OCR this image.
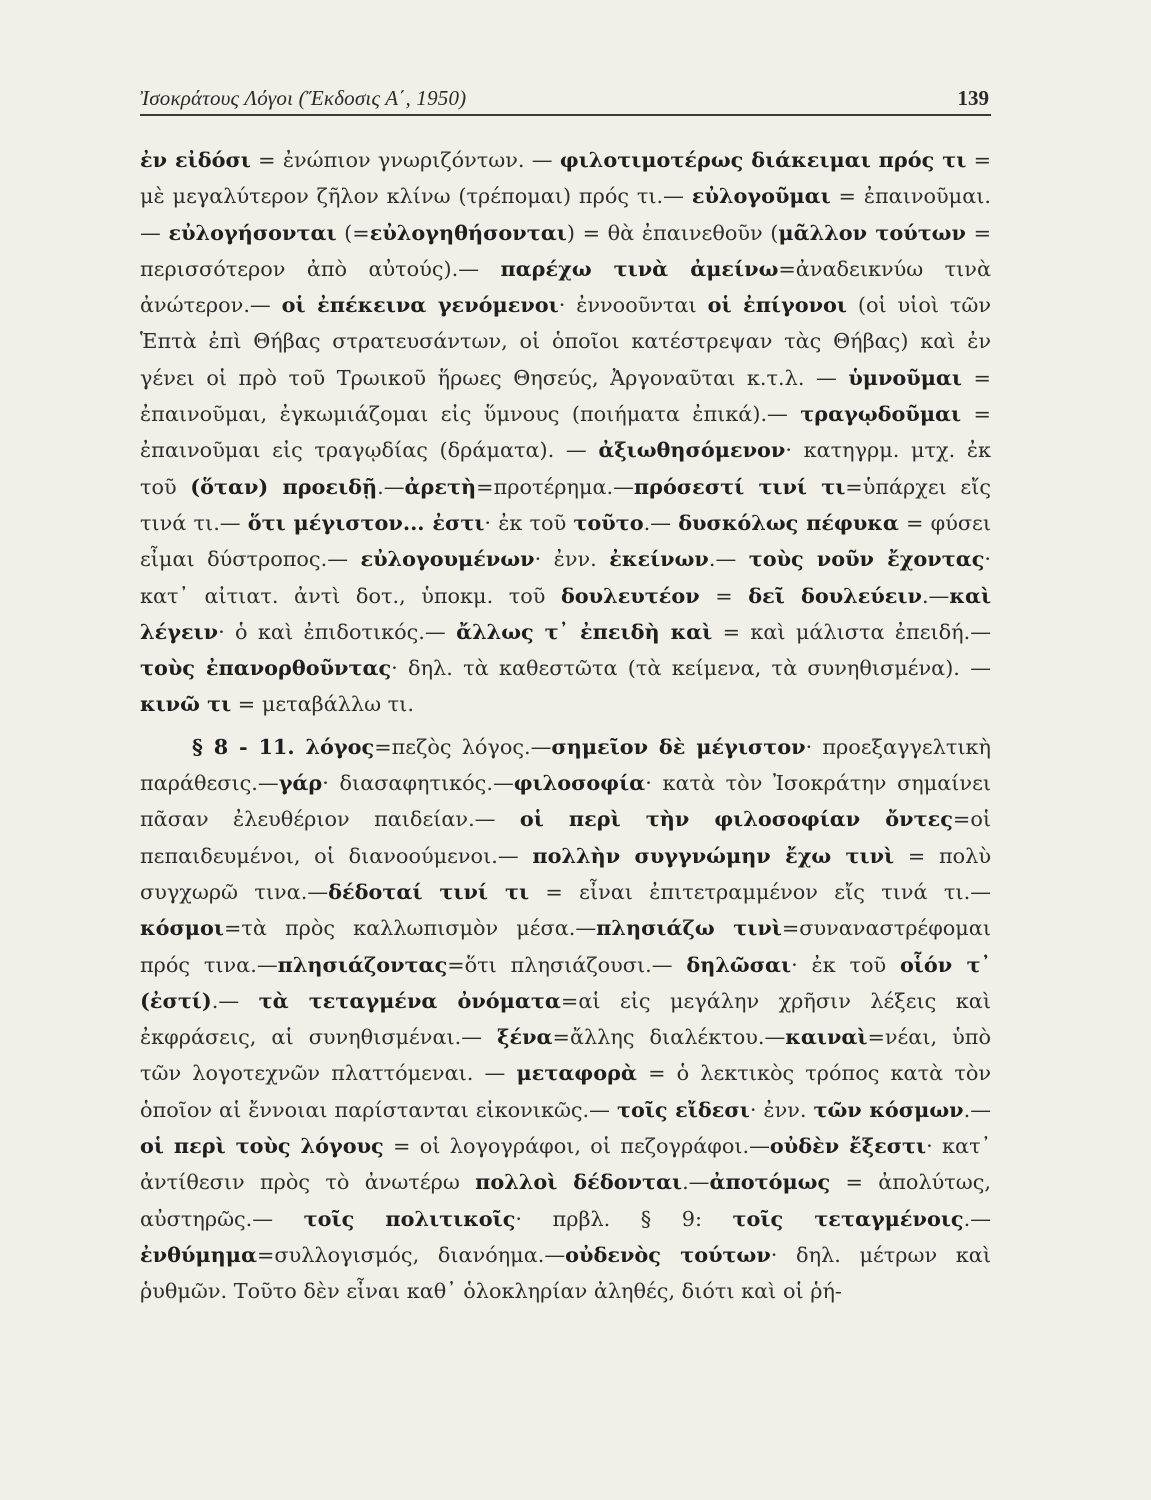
Ἰσοκράτους Λόγοι (Ἔκδοσις Α΄, 1950)	139

ἐν εἰδόσι = ἐνώπιον γνωριζόντων. — φιλοτιμοτέρως διάκειμαι πρός τι = μὲ μεγαλύτερον ζῆλον κλίνω (τρέπομαι) πρός τι.— εὐλογοῦμαι = ἐπαινοῦμαι.— εὐλογήσονται (=εὐλογηθήσονται) = θὰ ἐπαινεθοῦν (μᾶλλον τούτων = περισσότερον ἀπὸ αὐτούς).— παρέχω τινὰ ἀμείνω=ἀναδεικνύω τινὰ ἀνώτερον.— οἱ ἐπέκεινα γενόμενοι· ἐννοοῦνται οἱ ἐπίγονοι (οἱ υἱοὶ τῶν Ἑπτὰ ἐπὶ Θήβας στρατευσάντων, οἱ ὁποῖοι κατέστρεψαν τὰς Θήβας) καὶ ἐν γένει οἱ πρὸ τοῦ Τρωικοῦ ἥρωες Θησεύς, Ἀργοναῦται κ.τ.λ. — ὑμνοῦμαι = ἐπαινοῦμαι, ἐγκωμιάζομαι εἰς ὕμνους (ποιήματα ἐπικά).— τραγῳδοῦμαι = ἐπαινοῦμαι εἰς τραγῳδίας (δράματα). — ἀξιωθησόμενον· κατηγρμ. μτχ. ἐκ τοῦ (ὅταν) προειδῇ.—ἀρετὴ=προτέρημα.—πρόσεστί τινί τι=ὑπάρχει εἴς τινά τι.— ὅτι μέγιστον... ἐστι· ἐκ τοῦ τοῦτο.— δυσκόλως πέφυκα = φύσει εἶμαι δύστροπος.— εὐλογουμένων· ἐνν. ἐκείνων.— τοὺς νοῦν ἔχοντας· κατ᾽ αἰτιατ. ἀντὶ δοτ., ὑποκμ. τοῦ δουλευτέον = δεῖ δουλεύειν.—καὶ λέγειν· ὁ καὶ ἐπιδοτικός.— ἄλλως τ᾽ ἐπειδὴ καὶ = καὶ μάλιστα ἐπειδή.— τοὺς ἐπανορθοῦντας· δηλ. τὰ καθεστῶτα (τὰ κείμενα, τὰ συνηθισμένα). — κινῶ τι = μεταβάλλω τι.

§ 8 - 11. λόγος=πεζὸς λόγος.—σημεῖον δὲ μέγιστον· προεξαγγελτικὴ παράθεσις.—γάρ· διασαφητικός.—φιλοσοφία· κατὰ τὸν Ἰσοκράτην σημαίνει πᾶσαν ἐλευθέριον παιδείαν.— οἱ περὶ τὴν φιλοσοφίαν ὄντες=οἱ πεπαιδευμένοι, οἱ διανοούμενοι.— πολλὴν συγγνώμην ἔχω τινὶ = πολὺ συγχωρῶ τινα.—δέδοταί τινί τι = εἶναι ἐπιτετραμμένον εἴς τινά τι.—κόσμοι=τὰ πρὸς καλλωπισμὸν μέσα.—πλησιάζω τινὶ=συναναστρέφομαι πρός τινα.—πλησιάζοντας=ὅτι πλησιάζουσι.— δηλῶσαι· ἐκ τοῦ οἷόν τ᾽ (ἐστί).— τὰ τεταγμένα ὀνόματα=αἱ εἰς μεγάλην χρῆσιν λέξεις καὶ ἐκφράσεις, αἱ συνηθισμέναι.— ξένα=ἄλλης διαλέκτου.—καιναὶ=νέαι, ὑπὸ τῶν λογοτεχνῶν πλαττόμεναι. — μεταφορὰ = ὁ λεκτικὸς τρόπος κατὰ τὸν ὁποῖον αἱ ἔννοιαι παρίστανται εἰκονικῶς.— τοῖς εἴδεσι· ἐνν. τῶν κόσμων.— οἱ περὶ τοὺς λόγους = οἱ λογογράφοι, οἱ πεζογράφοι.—οὐδὲν ἔξεστι· κατ᾽ ἀντίθεσιν πρὸς τὸ ἀνωτέρω πολλοὶ δέδονται.—ἀποτόμως = ἀπολύτως, αὐστηρῶς.— τοῖς πολιτικοῖς· πρβλ. § 9: τοῖς τεταγμένοις.— ἐνθύμημα=συλλογισμός, διανόημα.—οὐδενὸς τούτων· δηλ. μέτρων καὶ ῥυθμῶν. Τοῦτο δὲν εἶναι καθ᾽ ὁλοκληρίαν ἀληθές, διότι καὶ οἱ ῥή-
